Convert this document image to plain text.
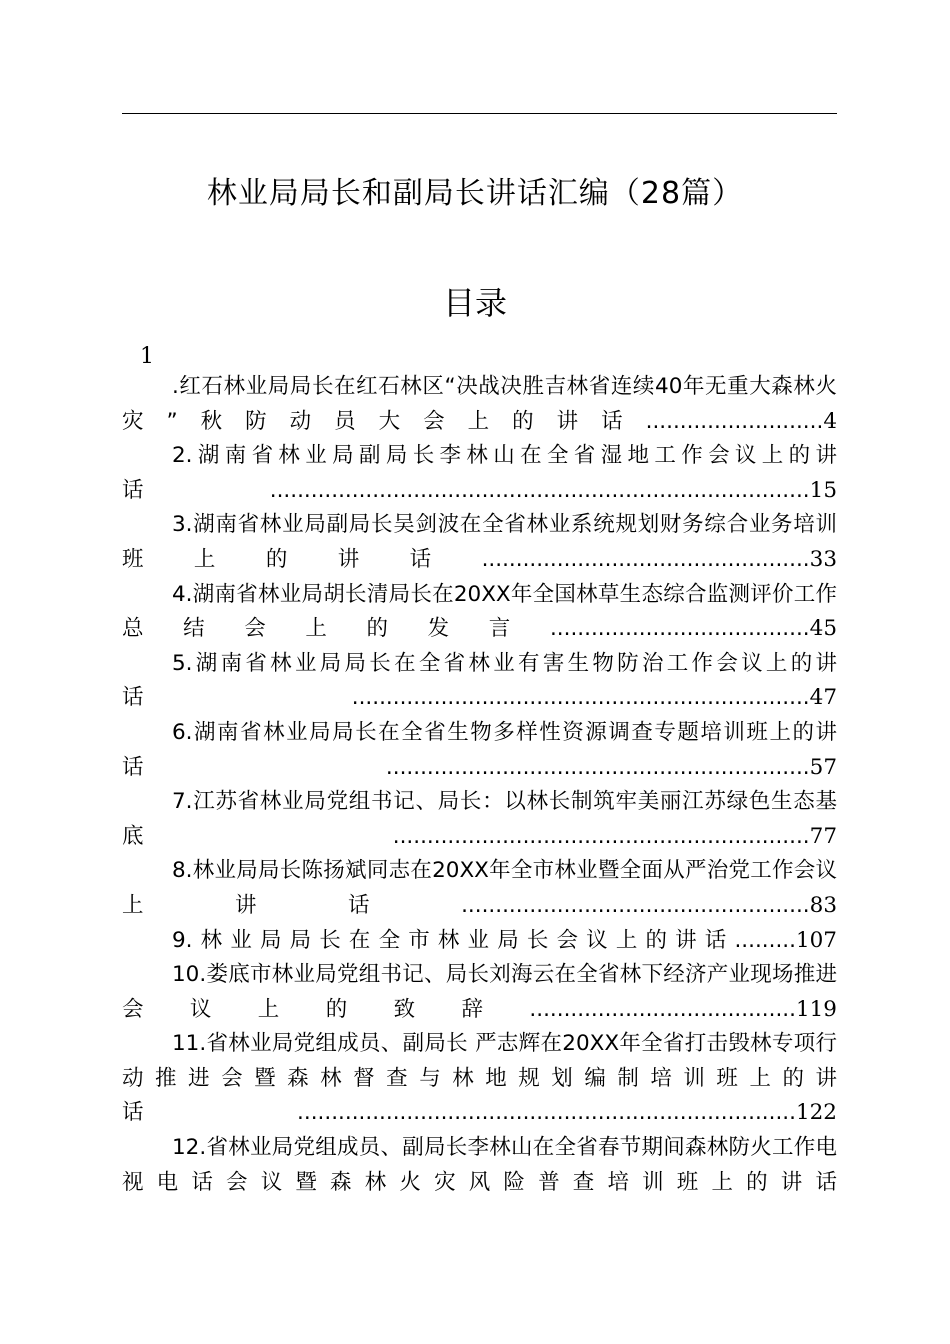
林业局局长和副局长讲话汇编（28篇）
目录
1
.红石林业局局长在红石林区“决战决胜吉林省连续40年无重大森林火灾”秋防动员大会上的讲话..........................4
2.湖南省林业局副局长李林山在全省湿地工作会议上的讲话...............................................................................15
3.湖南省林业局副局长吴剑波在全省林业系统规划财务综合业务培训班上的讲话................................................33
4.湖南省林业局胡长清局长在20XX年全国林草生态综合监测评价工作总结会上的发言......................................45
5.湖南省林业局局长在全省林业有害生物防治工作会议上的讲话...................................................................47
6.湖南省林业局局长在全省生物多样性资源调查专题培训班上的讲话..............................................................57
7.江苏省林业局党组书记、局长：以林长制筑牢美丽江苏绿色生态基底.............................................................77
8.林业局局长陈扬斌同志在20XX年全市林业暨全面从严治党工作会议上讲话...................................................83
9.林业局局长在全市林业局长会议上的讲话.........107
10.娄底市林业局党组书记、局长刘海云在全省林下经济产业现场推进会议上的致辞.......................................119
11.省林业局党组成员、副局长 严志辉在20XX年全省打击毁林专项行动推进会暨森林督查与林地规划编制培训班上的讲话.........................................................................122
12.省林业局党组成员、副局长李林山在全省春节期间森林防火工作电视电话会议暨森林火灾风险普查培训班上的讲话
